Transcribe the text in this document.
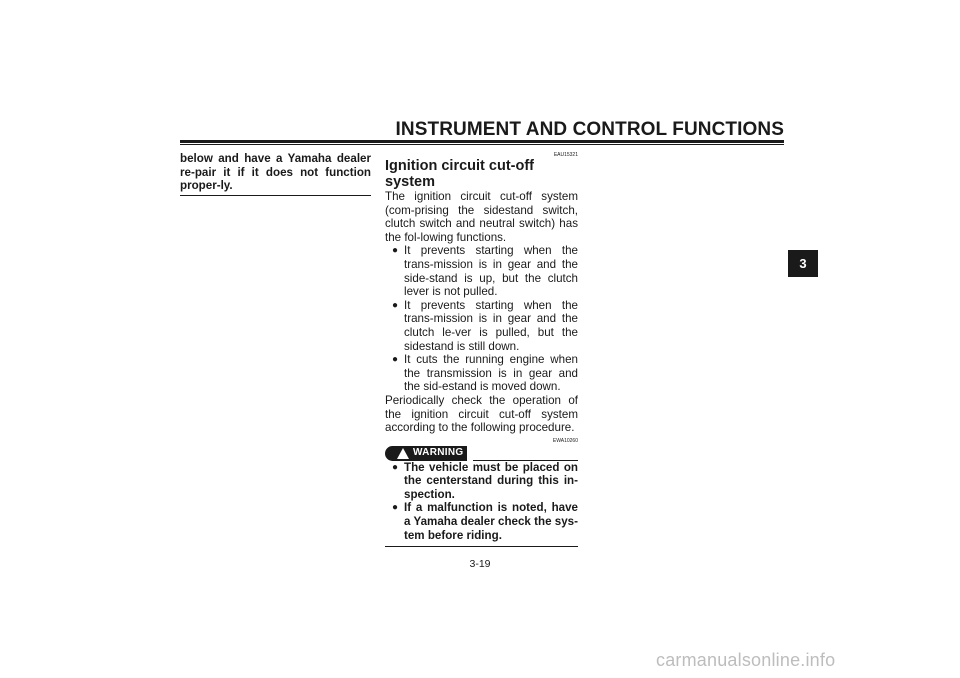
INSTRUMENT AND CONTROL FUNCTIONS
below and have a Yamaha dealer re-pair it if it does not function proper-ly.
EAU15321
Ignition circuit cut-off system

The ignition circuit cut-off system (com-prising the sidestand switch, clutch switch and neutral switch) has the fol-lowing functions.

● It prevents starting when the trans-mission is in gear and the side-stand is up, but the clutch lever is not pulled.
● It prevents starting when the trans-mission is in gear and the clutch le-ver is pulled, but the sidestand is still down.
● It cuts the running engine when the transmission is in gear and the sid-estand is moved down.

Periodically check the operation of the ignition circuit cut-off system according to the following procedure.

EWA10260
WARNING
● The vehicle must be placed on the centerstand during this in-spection.
● If a malfunction is noted, have a Yamaha dealer check the sys-tem before riding.
3-19
3
carmanualsonline.info
